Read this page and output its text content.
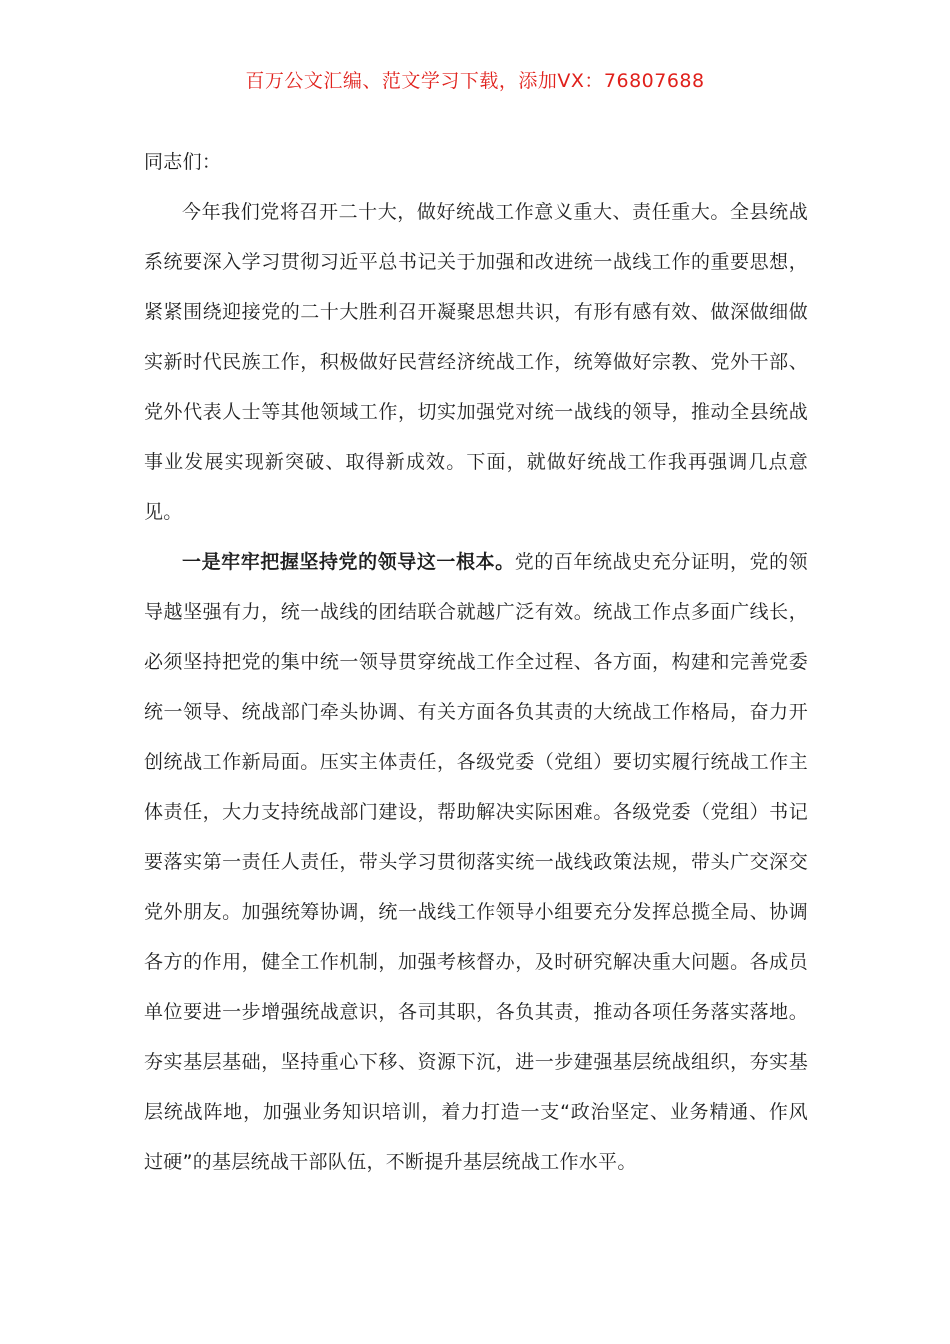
百万公文汇编、范文学习下载，添加VX：76807688

同志们：

今年我们党将召开二十大，做好统战工作意义重大、责任重大。全县统战系统要深入学习贯彻习近平总书记关于加强和改进统一战线工作的重要思想，紧紧围绕迎接党的二十大胜利召开凝聚思想共识，有形有感有效、做深做细做实新时代民族工作，积极做好民营经济统战工作，统筹做好宗教、党外干部、党外代表人士等其他领域工作，切实加强党对统一战线的领导，推动全县统战事业发展实现新突破、取得新成效。下面，就做好统战工作我再强调几点意见。

一是牢牢把握坚持党的领导这一根本。党的百年统战史充分证明，党的领导越坚强有力，统一战线的团结联合就越广泛有效。统战工作点多面广线长，必须坚持把党的集中统一领导贯穿统战工作全过程、各方面，构建和完善党委统一领导、统战部门牵头协调、有关方面各负其责的大统战工作格局，奋力开创统战工作新局面。压实主体责任，各级党委（党组）要切实履行统战工作主体责任，大力支持统战部门建设，帮助解决实际困难。各级党委（党组）书记要落实第一责任人责任，带头学习贯彻落实统一战线政策法规，带头广交深交党外朋友。加强统筹协调，统一战线工作领导小组要充分发挥总揽全局、协调各方的作用，健全工作机制，加强考核督办，及时研究解决重大问题。各成员单位要进一步增强统战意识，各司其职，各负其责，推动各项任务落实落地。夯实基层基础，坚持重心下移、资源下沉，进一步建强基层统战组织，夯实基层统战阵地，加强业务知识培训，着力打造一支“政治坚定、业务精通、作风过硬”的基层统战干部队伍，不断提升基层统战工作水平。
